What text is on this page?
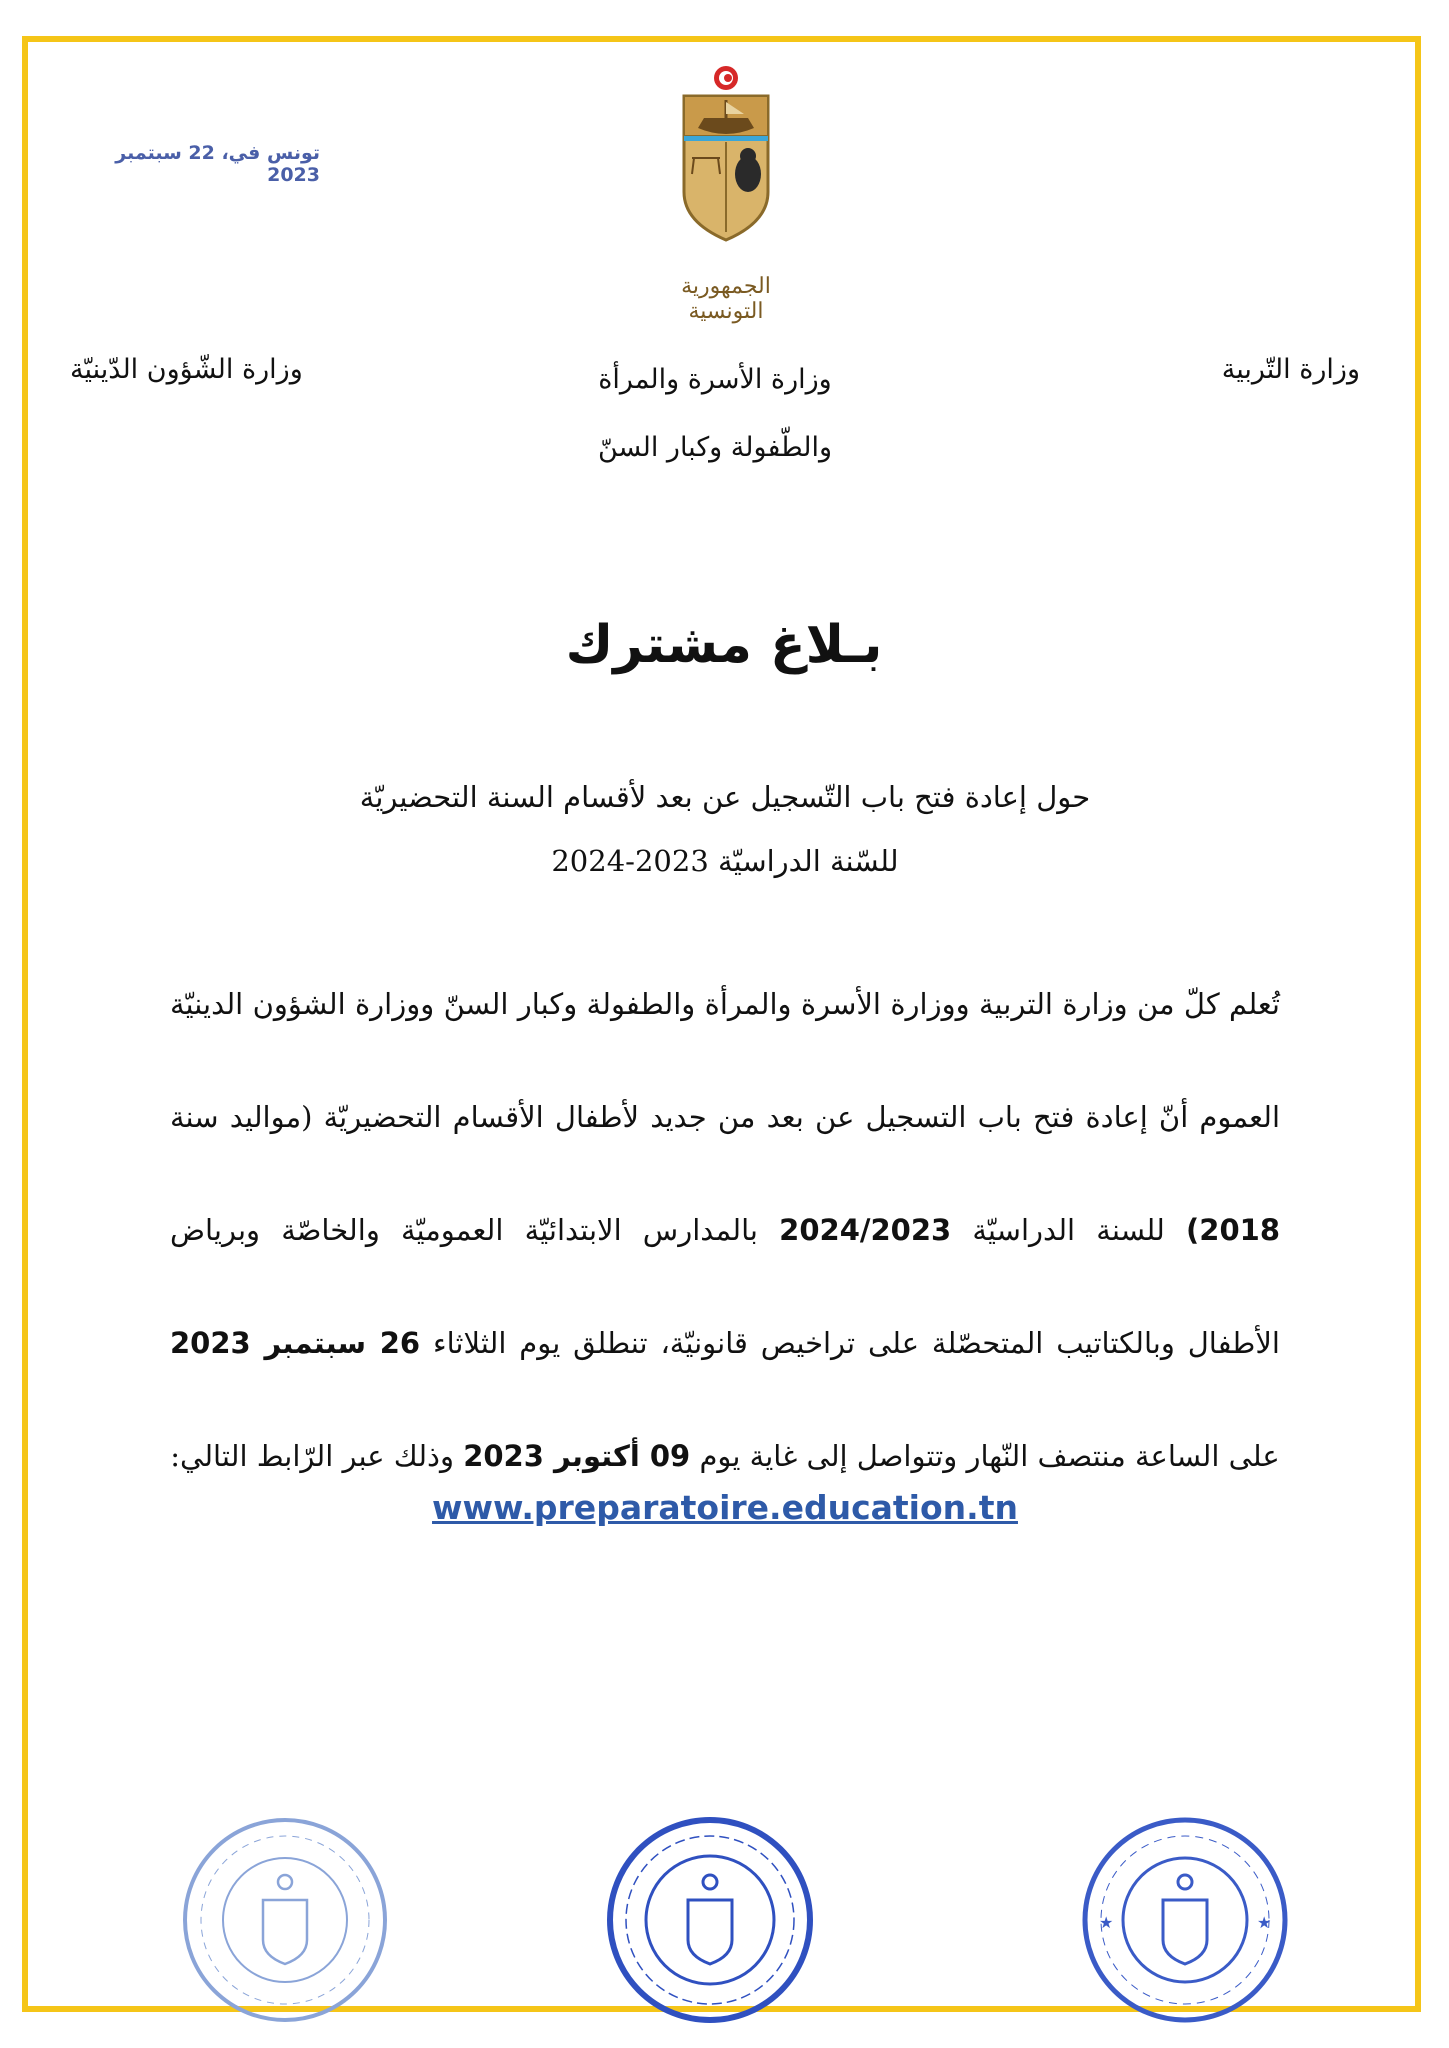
تونس في، 22 سبتمبر 2023
الجمهورية التونسية
وزارة التّربية
وزارة الأسرة والمرأة
والطّفولة وكبار السنّ
وزارة الشّؤون الدّينيّة
بـلاغ مشترك
حول إعادة فتح باب التّسجيل عن بعد لأقسام السنة التحضيريّة
للسّنة الدراسيّة 2023-2024
تُعلم كلّ من وزارة التربية ووزارة الأسرة والمرأة والطفولة وكبار السنّ ووزارة الشؤون الدينيّة العموم أنّ إعادة فتح باب التسجيل عن بعد من جديد لأطفال الأقسام التحضيريّة (مواليد سنة 2018) للسنة الدراسيّة 2024/2023 بالمدارس الابتدائيّة العموميّة والخاصّة وبرياض الأطفال وبالكتاتيب المتحصّلة على تراخيص قانونيّة، تنطلق يوم الثلاثاء 26 سبتمبر 2023 على الساعة منتصف النّهار وتتواصل إلى غاية يوم 09 أكتوبر 2023 وذلك عبر الرّابط التالي:
www.preparatoire.education.tn
★	★
